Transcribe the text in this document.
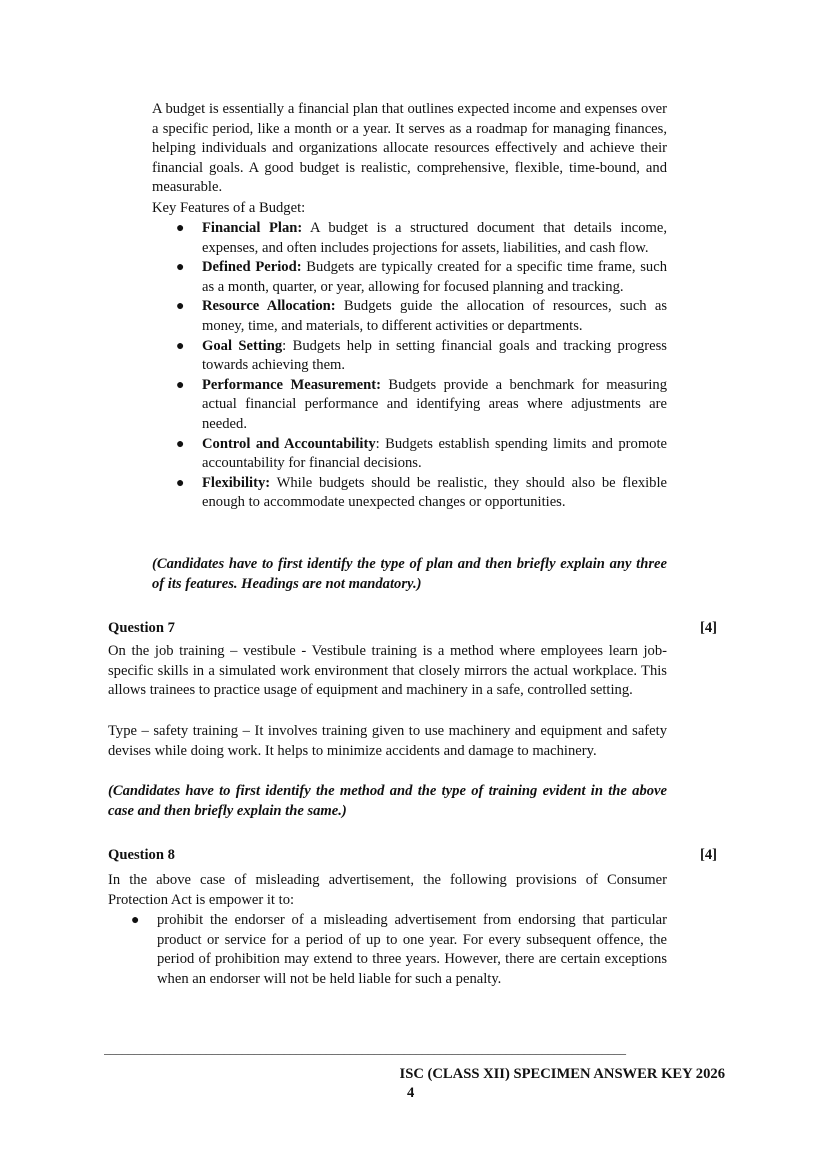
A budget is essentially a financial plan that outlines expected income and expenses over a specific period, like a month or a year. It serves as a roadmap for managing finances, helping individuals and organizations allocate resources effectively and achieve their financial goals. A good budget is realistic, comprehensive, flexible, time-bound, and measurable.

Key Features of a Budget:

● Financial Plan: A budget is a structured document that details income, expenses, and often includes projections for assets, liabilities, and cash flow.
● Defined Period: Budgets are typically created for a specific time frame, such as a month, quarter, or year, allowing for focused planning and tracking.
● Resource Allocation: Budgets guide the allocation of resources, such as money, time, and materials, to different activities or departments.
● Goal Setting: Budgets help in setting financial goals and tracking progress towards achieving them.
● Performance Measurement: Budgets provide a benchmark for measuring actual financial performance and identifying areas where adjustments are needed.
● Control and Accountability: Budgets establish spending limits and promote accountability for financial decisions.
● Flexibility: While budgets should be realistic, they should also be flexible enough to accommodate unexpected changes or opportunities.

(Candidates have to first identify the type of plan and then briefly explain any three of its features. Headings are not mandatory.)

Question 7	[4]

On the job training – vestibule - Vestibule training is a method where employees learn job-specific skills in a simulated work environment that closely mirrors the actual workplace. This allows trainees to practice usage of equipment and machinery in a safe, controlled setting.

Type – safety training – It involves training given to use machinery and equipment and safety devises while doing work. It helps to minimize accidents and damage to machinery.

(Candidates have to first identify the method and the type of training evident in the above case and then briefly explain the same.)

Question 8	[4]

In the above case of misleading advertisement, the following provisions of Consumer Protection Act is empower it to:

● prohibit the endorser of a misleading advertisement from endorsing that particular product or service for a period of up to one year. For every subsequent offence, the period of prohibition may extend to three years. However, there are certain exceptions when an endorser will not be held liable for such a penalty.
_______________________________________________________________________________________
ISC (CLASS XII) SPECIMEN ANSWER KEY 2026
4
